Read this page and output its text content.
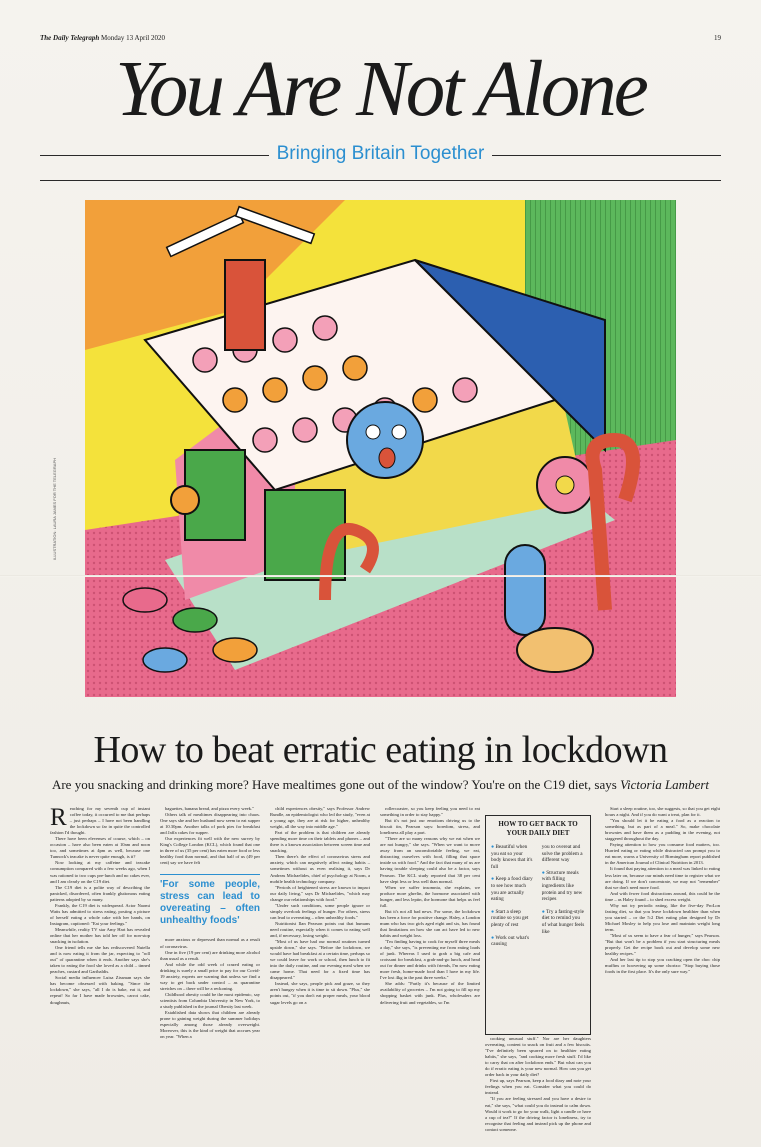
The Daily Telegraph Monday 13 April 2020	19
You Are Not Alone
Bringing Britain Together
ILLUSTRATION: LAURA JAMES FOR THE TELEGRAPH
How to beat erratic eating in lockdown
Are you snacking and drinking more? Have mealtimes gone out of the window? You're on the C19 diet, says Victoria Lambert

Reaching for my seventh cup of instant coffee today, it occurred to me that perhaps – just perhaps – I have not been handling the lockdown so far in quite the controlled fashion I'd thought.

There have been elevenses of course, which – on occasion – have also been eaten at 10am and noon too, and sometimes at 4pm as well, because one Tunnock's teacake is never quite enough, is it?

Now looking at my caffeine and teacake consumption compared with a few weeks ago, when I was rationed to two cups pre-lunch and no cakes ever, and I am clearly on the C19 diet.

The C19 diet is a polite way of describing the panicked, disordered, often frankly gluttonous eating patterns adopted by so many.

Frankly, the C19 diet is widespread. Actor Naomi Watts has admitted to stress eating, posting a picture of herself eating a whole cake with her hands, on Instagram, captioned: "Eat your feelings."

Meanwhile, reality TV star Amy Hart has revealed online that her mother has told her off for non-stop snacking in isolation.

One friend tells me she has rediscovered Nutella and is now eating it from the jar, expecting to "roll out" of quarantine when it ends. Another says she's taken to eating the food she loved as a child – tinned peaches, custard and Garibaldis.

Social media influencer Luisa Zissman says she has become obsessed with baking. "Since the lockdown," she says, "all I do is bake, eat it, and repeat! So far I have made brownies, carrot cake, doughnuts,

baguettes, banana bread, and pizza every week."

Others talk of mealtimes disappearing into chaos. One says she and her husband now seem to eat supper at 10.30pm. Another talks of pork pies for breakfast and Jaffa cakes for supper.

Our experiences fit well with the new survey by King's College London (KCL), which found that one in three of us (35 per cent) has eaten more food or less healthy food than normal, and that half of us (49 per cent) say we have felt

'For some people, stress can lead to overeating – often unhealthy foods'

more anxious or depressed than normal as a result of coronavirus.

One in five (19 per cent) are drinking more alcohol than usual as a result.

And while the odd week of crazed eating or drinking is surely a small price to pay for our Covid-19 anxiety, experts are warning that unless we find a way to get back under control – as quarantine stretches on – there will be a reckoning.

Childhood obesity could be the most epidemic, say scientists from Columbia University in New York, to a study published in the journal Obesity last week.

Established data shows that children are already prone to gaining weight during the summer holidays especially among those already overweight. Moreover, this is the kind of weight that accrues year on year. "When a

child experiences obesity," says Professor Andrew Rundle, an epidemiologist who led the study, "even at a young age, they are at risk for higher, unhealthy weight, all the way into middle age."

Part of the problem is that children are already spending more time on their tablets and phones – and there is a known association between screen time and snacking.

Then there's the effect of coronavirus stress and anxiety, which can negatively affect eating habits – sometimes without us even realising it, says Dr Andreas Michaelides, chief of psychology at Noom, a mobile health technology company.

"Periods of heightened stress are known to impact our daily living," says Dr Michaelides, "which may change our relationships with food."

"Under such conditions, some people ignore or simply overlook feelings of hunger. For others, stress can lead to overeating – often unhealthy foods."

Nutritionist Ilan Pearson points out that humans need routine, especially when it comes to eating well and, if necessary, losing weight.

"Most of us have had our normal routines turned upside down," she says. "Before the lockdown, we would have had breakfast at a certain time, perhaps so we could leave for work or school, then lunch to fit into the daily routine, and our evening meal when we came home. That need for a fixed time has disappeared."

Instead, she says, people pick and graze, so they aren't hungry when it is time to sit down. "Plus," she points out, "if you don't eat proper meals, your blood sugar levels go on a

rollercoaster, so you keep feeling you need to eat something in order to stay happy."

But it's not just our emotions driving us to the biscuit tin, Pearson says: boredom, stress, and loneliness all play a part.

"There are so many reasons why we eat when we are not hungry," she says. "When we want to move away from an uncomfortable feeling, we eat, distracting ourselves with food, filling that space inside us with food." And the fact that many of us are having trouble sleeping could also be a factor, says Pearson. The KCL study reported that 38 per cent have slept less or less well than normal.

When we suffer insomnia, she explains, we produce more ghrelin, the hormone associated with hunger, and less leptin, the hormone that helps us feel full.

But it's not all bad news. For some, the lockdown has been a force for positive change. Haley, a London mum who has two girls aged eight and six, has found that limitations on how she can act have led to new habits and weight loss.

"I'm finding having to cook for myself three meals a day," she says, "is preventing me from eating loads of junk. Whereas I used to grab a big cafe and croissant for breakfast, a grab-and-go lunch, and head out for dinner and drinks with friends, I'm now eating more fresh, home-made food than I have in my life. I've lost 4kg in the past three weeks."

She adds: "Partly it's because of the limited availability of groceries – I'm not going to fill up my shopping basket with junk. Plus, wholesalers are delivering fruit and vegetables, so I'm

cooking unusual stuff." Nor are her daughters overeating, content to snack on fruit and a few biscuits. "I've definitely been spurred on to healthier eating habits," she says, "and cooking more fresh stuff. I'd like to carry that on after lockdown ends." But what can you do if erratic eating is your new normal. How can you get order back in your daily diet?

First up, says Pearson, keep a food diary and note your feelings when you eat. Consider what you could do instead.

"If you are feeling stressed and you have a desire to eat," she says, "what could you do instead to calm down. Would it work to go for your walk, light a candle or have a cup of tea?" If the driving factor is loneliness, try to recognise that feeling and instead pick up the phone and contact someone.

Start a sleep routine, too, she suggests, so that you get eight hours a night. And if you do want a treat, plan for it.

"You should let it be eating a food as a reaction to something, but as part of a meal." So, make chocolate brownies and have them as a pudding in the evening, not staggered throughout the day.

Paying attention to how you consume food matters, too. Hurried eating or eating while distracted can prompt you to eat more, warns a University of Birmingham report published in the American Journal of Clinical Nutrition in 2013.

It found that paying attention to a meal was linked to eating less later on, because our minds need time to register what we are doing. If we don't concentrate, we may not "remember" that we don't need more food.

And with fewer food distractions around, this could be the time – as Haley found – to shed excess weight.

Why not try periodic eating, like the five-day ProLon fasting diet, so that you leave lockdown healthier than when you started – or the 5:2 Diet eating plan designed by Dr Michael Mosley to help you lose and maintain weight long term.

"Most of us seem to have a fear of hunger," says Pearson. "But that won't be a problem if you start structuring meals properly. Get the recipe book out and develop some new healthy recipes."

And her last tip to stop you cracking open the choc chip muffins or hoovering up some chorizo: "Stop buying those foods in the first place. It's the only sure way."

HOW TO GET BACK TO YOUR DAILY DIET
● Beautiful when you eat so your body knows that it's full
● Keep a food diary to see how much you are actually eating
● Start a sleep routine so you get plenty of rest
● Work out what's causing
you to overeat and solve the problem a different way
● Structure meals with filling ingredients like protein and try new recipes
● Try a fasting-style diet to remind you of what hunger feels like
